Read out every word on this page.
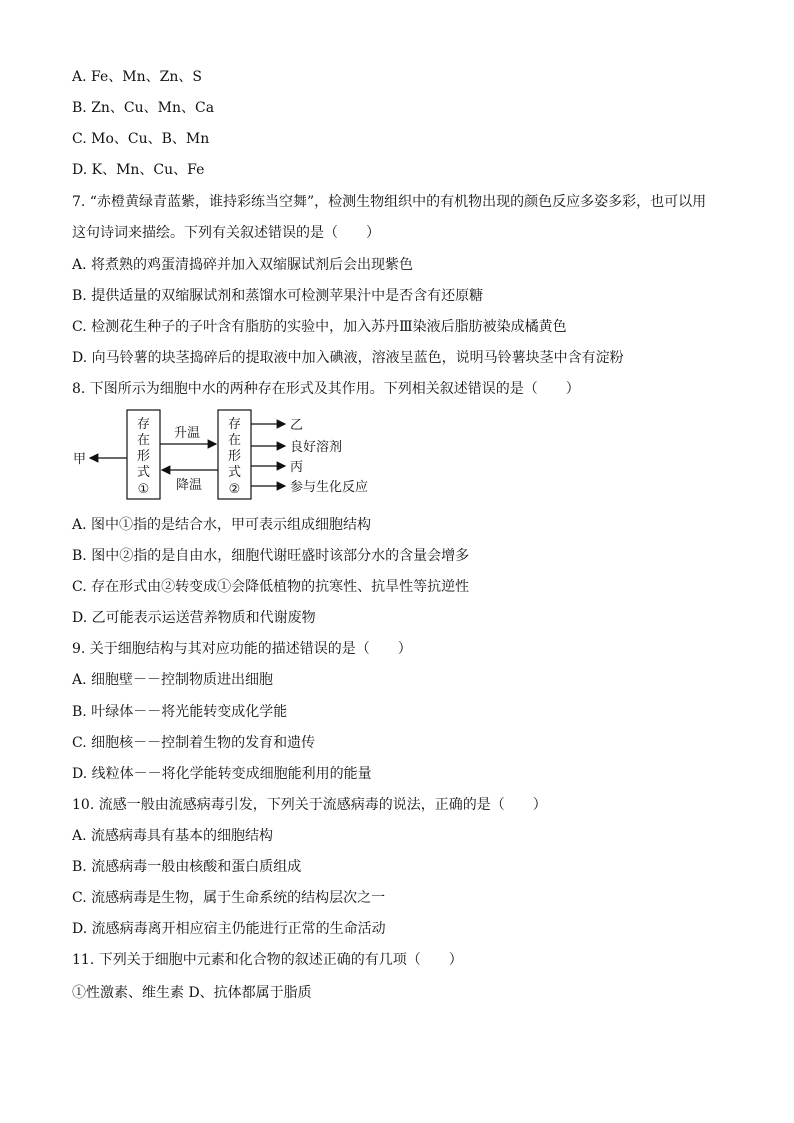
A. Fe、Mn、Zn、S
B. Zn、Cu、Mn、Ca
C. Mo、Cu、B、Mn
D. K、Mn、Cu、Fe
7. “赤橙黄绿青蓝紫，谁持彩练当空舞”，检测生物组织中的有机物出现的颜色反应多姿多彩，也可以用
这句诗词来描绘。下列有关叙述错误的是（　　）
A. 将煮熟的鸡蛋清捣碎并加入双缩脲试剂后会出现紫色
B. 提供适量的双缩脲试剂和蒸馏水可检测苹果汁中是否含有还原糖
C. 检测花生种子的子叶含有脂肪的实验中，加入苏丹Ⅲ染液后脂肪被染成橘黄色
D. 向马铃薯的块茎捣碎后的提取液中加入碘液，溶液呈蓝色，说明马铃薯块茎中含有淀粉
8. 下图所示为细胞中水的两种存在形式及其作用。下列相关叙述错误的是（　　）
存
在
形
式
①
存
在
形
式
②
升温
降温
甲
乙
良好溶剂
丙
参与生化反应
A. 图中①指的是结合水，甲可表示组成细胞结构
B. 图中②指的是自由水，细胞代谢旺盛时该部分水的含量会增多
C. 存在形式由②转变成①会降低植物的抗寒性、抗旱性等抗逆性
D. 乙可能表示运送营养物质和代谢废物
9. 关于细胞结构与其对应功能的描述错误的是（　　）
A. 细胞壁－－控制物质进出细胞
B. 叶绿体－－将光能转变成化学能
C. 细胞核－－控制着生物的发育和遗传
D. 线粒体－－将化学能转变成细胞能利用的能量
10. 流感一般由流感病毒引发，下列关于流感病毒的说法，正确的是（　　）
A. 流感病毒具有基本的细胞结构
B. 流感病毒一般由核酸和蛋白质组成
C. 流感病毒是生物，属于生命系统的结构层次之一
D. 流感病毒离开相应宿主仍能进行正常的生命活动
11. 下列关于细胞中元素和化合物的叙述正确的有几项（　　）
①性激素、维生素 D、抗体都属于脂质
